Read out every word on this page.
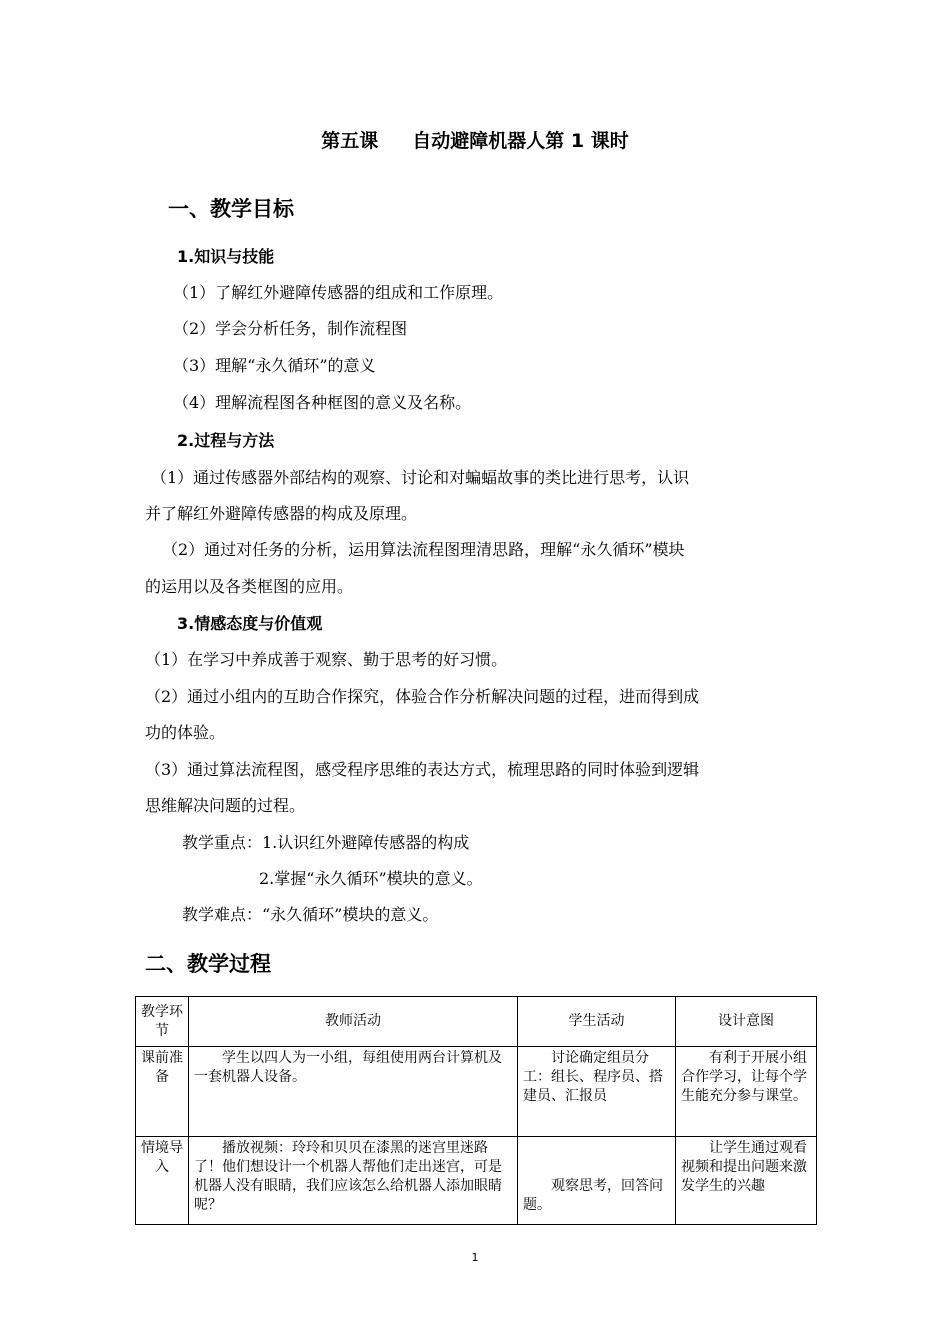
第五课 自动避障机器人第 1 课时
一、教学目标
1.知识与技能
（1）了解红外避障传感器的组成和工作原理。
（2）学会分析任务，制作流程图
（3）理解“永久循环”的意义
（4）理解流程图各种框图的意义及名称。
2.过程与方法
（1）通过传感器外部结构的观察、讨论和对蝙蝠故事的类比进行思考，认识
并了解红外避障传感器的构成及原理。
（2）通过对任务的分析，运用算法流程图理清思路，理解“永久循环”模块
的运用以及各类框图的应用。
3.情感态度与价值观
（1）在学习中养成善于观察、勤于思考的好习惯。
（2）通过小组内的互助合作探究，体验合作分析解决问题的过程，进而得到成
功的体验。
（3）通过算法流程图，感受程序思维的表达方式，梳理思路的同时体验到逻辑
思维解决问题的过程。
教学重点：1.认识红外避障传感器的构成
2.掌握“永久循环”模块的意义。
教学难点：“永久循环”模块的意义。
二、教学过程
教学环节	教师活动	学生活动	设计意图
课前准备	学生以四人为一小组，每组使用两台计算机及一套机器人设备。	讨论确定组员分工：组长、程序员、搭建员、汇报员	有利于开展小组合作学习，让每个学生能充分参与课堂。
情境导入	播放视频：玲玲和贝贝在漆黑的迷宫里迷路了！他们想设计一个机器人帮他们走出迷宫，可是机器人没有眼睛，我们应该怎么给机器人添加眼睛呢？	观察思考，回答问题。	让学生通过观看视频和提出问题来激发学生的兴趣
1
